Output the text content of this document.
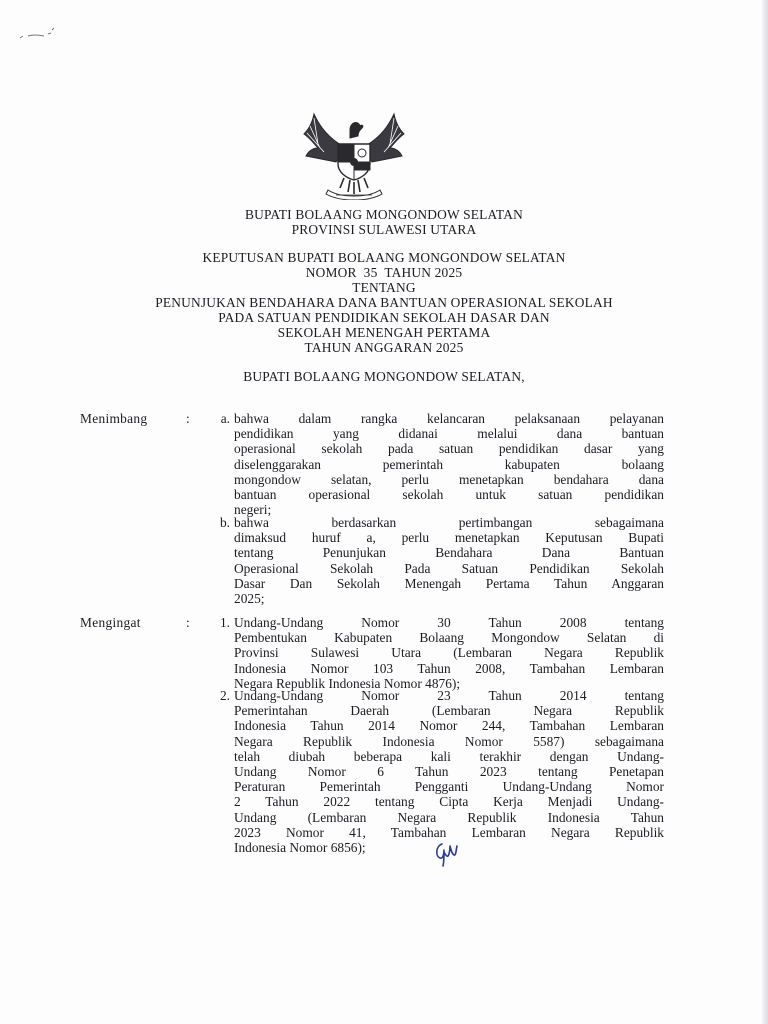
BUPATI BOLAANG MONGONDOW SELATAN
PROVINSI SULAWESI UTARA
KEPUTUSAN BUPATI BOLAANG MONGONDOW SELATAN
NOMOR  35  TAHUN 2025
TENTANG
PENUNJUKAN BENDAHARA DANA BANTUAN OPERASIONAL SEKOLAH
PADA SATUAN PENDIDIKAN SEKOLAH DASAR DAN
SEKOLAH MENENGAH PERTAMA
TAHUN ANGGARAN 2025
BUPATI BOLAANG MONGONDOW SELATAN,
Menimbang	:	a. bahwa dalam rangka kelancaran pelaksanaan pelayanan
pendidikan yang didanai melalui dana bantuan
operasional sekolah pada satuan pendidikan dasar yang
diselenggarakan pemerintah kabupaten bolaang
mongondow selatan, perlu menetapkan bendahara dana
bantuan operasional sekolah untuk satuan pendidikan
negeri;
b. bahwa berdasarkan pertimbangan sebagaimana
dimaksud huruf a, perlu menetapkan Keputusan Bupati
tentang Penunjukan Bendahara Dana Bantuan
Operasional Sekolah Pada Satuan Pendidikan Sekolah
Dasar Dan Sekolah Menengah Pertama Tahun Anggaran
2025;
Mengingat	:	1. Undang-Undang Nomor 30 Tahun 2008 tentang
Pembentukan Kabupaten Bolaang Mongondow Selatan di
Provinsi Sulawesi Utara (Lembaran Negara Republik
Indonesia Nomor 103 Tahun 2008, Tambahan Lembaran
Negara Republik Indonesia Nomor 4876);
2. Undang-Undang Nomor 23 Tahun 2014 tentang
Pemerintahan Daerah (Lembaran Negara Republik
Indonesia Tahun 2014 Nomor 244, Tambahan Lembaran
Negara Republik Indonesia Nomor 5587) sebagaimana
telah diubah beberapa kali terakhir dengan Undang-
Undang Nomor 6 Tahun 2023 tentang Penetapan
Peraturan Pemerintah Pengganti Undang-Undang Nomor
2 Tahun 2022 tentang Cipta Kerja Menjadi Undang-
Undang (Lembaran Negara Republik Indonesia Tahun
2023 Nomor 41, Tambahan Lembaran Negara Republik
Indonesia Nomor 6856);
